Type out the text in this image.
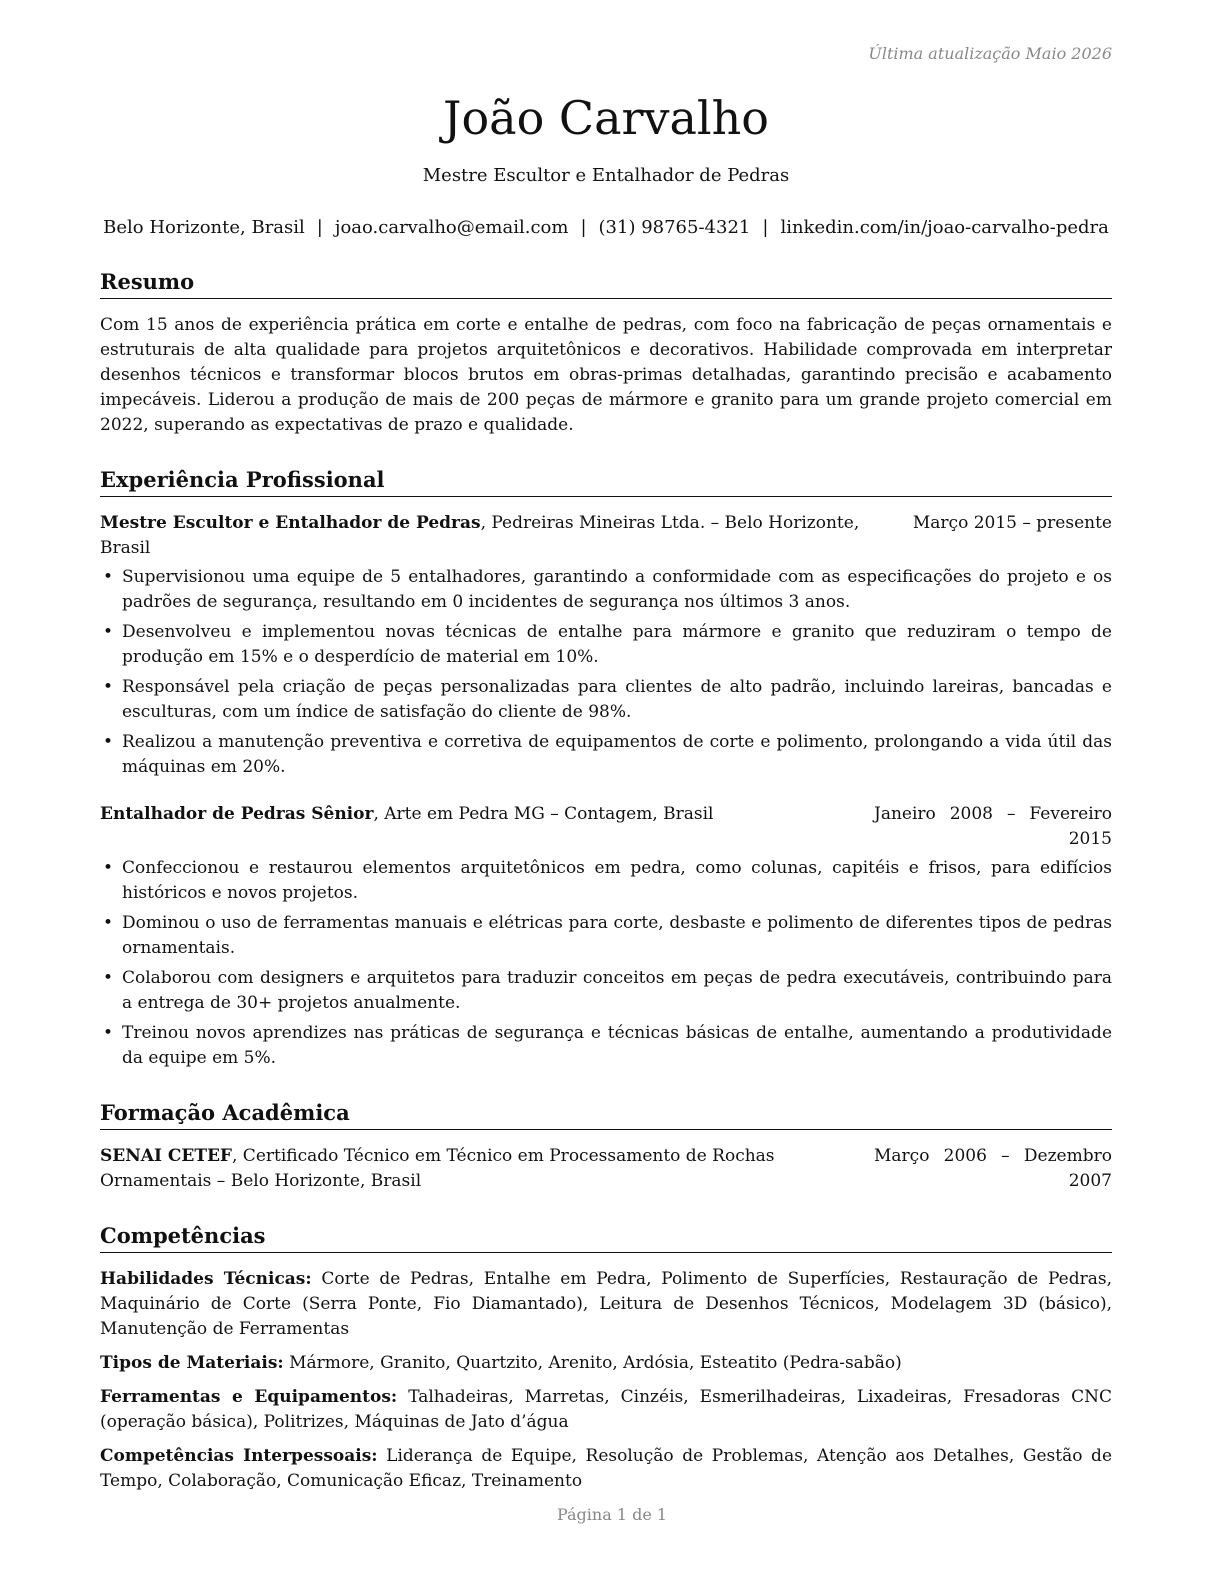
Última atualização Maio 2026
João Carvalho
Mestre Escultor e Entalhador de Pedras
Belo Horizonte, Brasil | joao.carvalho@email.com | (31) 98765-4321 | linkedin.com/in/joao-carvalho-pedra
Resumo
Com 15 anos de experiência prática em corte e entalhe de pedras, com foco na fabricação de peças ornamentais e estruturais de alta qualidade para projetos arquitetônicos e decorativos. Habilidade comprovada em interpretar desenhos técnicos e transformar blocos brutos em obras-primas detalhadas, garantindo precisão e acabamento impecáveis. Liderou a produção de mais de 200 peças de mármore e granito para um grande projeto comercial em 2022, superando as expectativas de prazo e qualidade.
Experiência Profissional
Mestre Escultor e Entalhador de Pedras, Pedreiras Mineiras Ltda. – Belo Horizonte, Brasil
Março 2015 – presente
• Supervisionou uma equipe de 5 entalhadores, garantindo a conformidade com as especificações do projeto e os padrões de segurança, resultando em 0 incidentes de segurança nos últimos 3 anos.
• Desenvolveu e implementou novas técnicas de entalhe para mármore e granito que reduziram o tempo de produção em 15% e o desperdício de material em 10%.
• Responsável pela criação de peças personalizadas para clientes de alto padrão, incluindo lareiras, bancadas e esculturas, com um índice de satisfação do cliente de 98%.
• Realizou a manutenção preventiva e corretiva de equipamentos de corte e polimento, prolongando a vida útil das máquinas em 20%.
Entalhador de Pedras Sênior, Arte em Pedra MG – Contagem, Brasil	Janeiro 2008 – Fevereiro 2015
• Confeccionou e restaurou elementos arquitetônicos em pedra, como colunas, capitéis e frisos, para edifícios históricos e novos projetos.
• Dominou o uso de ferramentas manuais e elétricas para corte, desbaste e polimento de diferentes tipos de pedras ornamentais.
• Colaborou com designers e arquitetos para traduzir conceitos em peças de pedra executáveis, contribuindo para a entrega de 30+ projetos anualmente.
• Treinou novos aprendizes nas práticas de segurança e técnicas básicas de entalhe, aumentando a produtividade da equipe em 5%.
Formação Acadêmica
SENAI CETEF, Certificado Técnico em Técnico em Processamento de Rochas Ornamentais – Belo Horizonte, Brasil
Março 2006 – Dezembro 2007
Competências
Habilidades Técnicas: Corte de Pedras, Entalhe em Pedra, Polimento de Superfícies, Restauração de Pedras, Maquinário de Corte (Serra Ponte, Fio Diamantado), Leitura de Desenhos Técnicos, Modelagem 3D (básico), Manutenção de Ferramentas
Tipos de Materiais: Mármore, Granito, Quartzito, Arenito, Ardósia, Esteatito (Pedra-sabão)
Ferramentas e Equipamentos: Talhadeiras, Marretas, Cinzéis, Esmerilhadeiras, Lixadeiras, Fresadoras CNC (operação básica), Politrizes, Máquinas de Jato d’água
Competências Interpessoais: Liderança de Equipe, Resolução de Problemas, Atenção aos Detalhes, Gestão de Tempo, Colaboração, Comunicação Eficaz, Treinamento
Página 1 de 1
